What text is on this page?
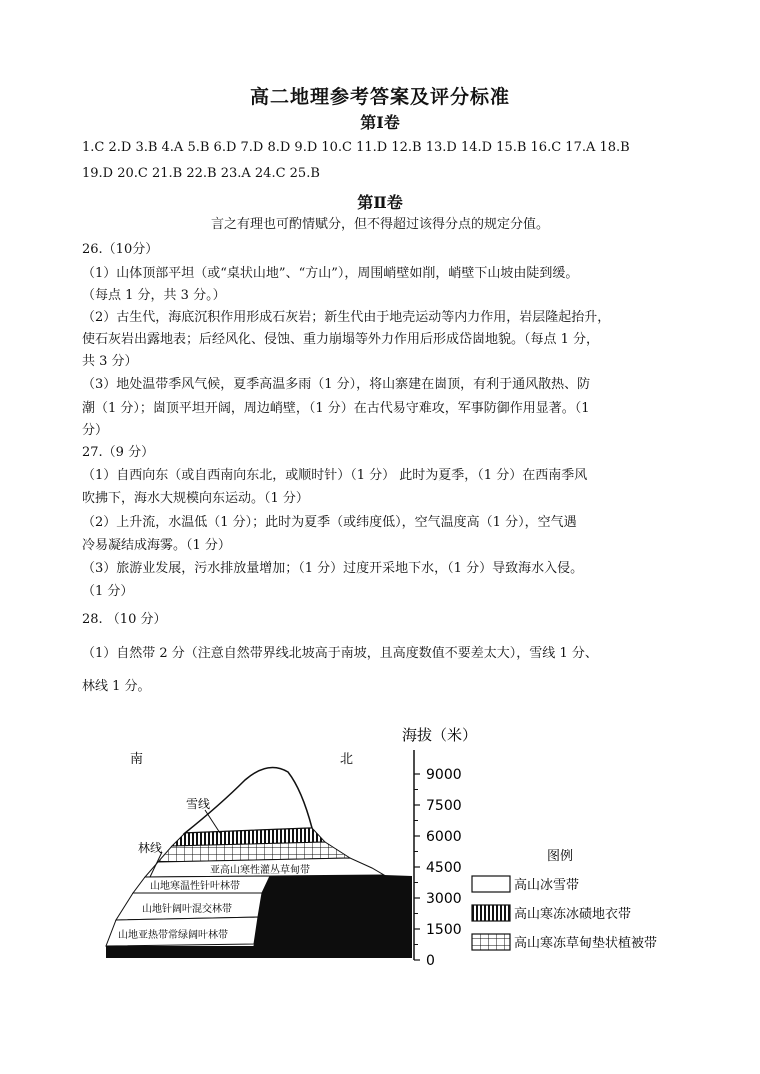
高二地理参考答案及评分标准
第Ⅰ卷
1.C 2.D 3.B 4.A 5.B 6.D 7.D 8.D 9.D 10.C 11.D 12.B 13.D 14.D 15.B 16.C 17.A 18.B
19.D 20.C 21.B 22.B 23.A 24.C 25.B
第Ⅱ卷
言之有理也可酌情赋分，但不得超过该得分点的规定分值。
26.（10分）
（1）山体顶部平坦（或“桌状山地”、“方山”），周围峭壁如削，峭壁下山坡由陡到缓。
（每点 1 分，共 3 分。）
（2）古生代，海底沉积作用形成石灰岩；新生代由于地壳运动等内力作用，岩层隆起抬升，
使石灰岩出露地表；后经风化、侵蚀、重力崩塌等外力作用后形成岱崮地貌。（每点 1 分，
共 3 分）
（3）地处温带季风气候，夏季高温多雨（1 分），将山寨建在崮顶，有利于通风散热、防
潮（1 分）；崮顶平坦开阔，周边峭壁，（1 分）在古代易守难攻，军事防御作用显著。（1
分）
27.（9 分）
（1）自西向东（或自西南向东北，或顺时针）（1 分） 此时为夏季，（1 分）在西南季风
吹拂下，海水大规模向东运动。（1 分）
（2）上升流，水温低（1 分）；此时为夏季（或纬度低），空气温度高（1 分），空气遇
冷易凝结成海雾。（1 分）
（3）旅游业发展，污水排放量增加；（1 分）过度开采地下水，（1 分）导致海水入侵。
（1 分）
28. （10 分）
（1）自然带 2 分（注意自然带界线北坡高于南坡，且高度数值不要差太大），雪线 1 分、
林线 1 分。
亚高山寒性灌丛草甸带
山地寒温性针叶林带
山地针阔叶混交林带
山地亚热带常绿阔叶林带
雪线
林线
南	北
海拔（米）
9000
7500
6000
4500
3000
1500
0
图例
高山冰雪带
高山寒冻冰碛地衣带
高山寒冻草甸垫状植被带
